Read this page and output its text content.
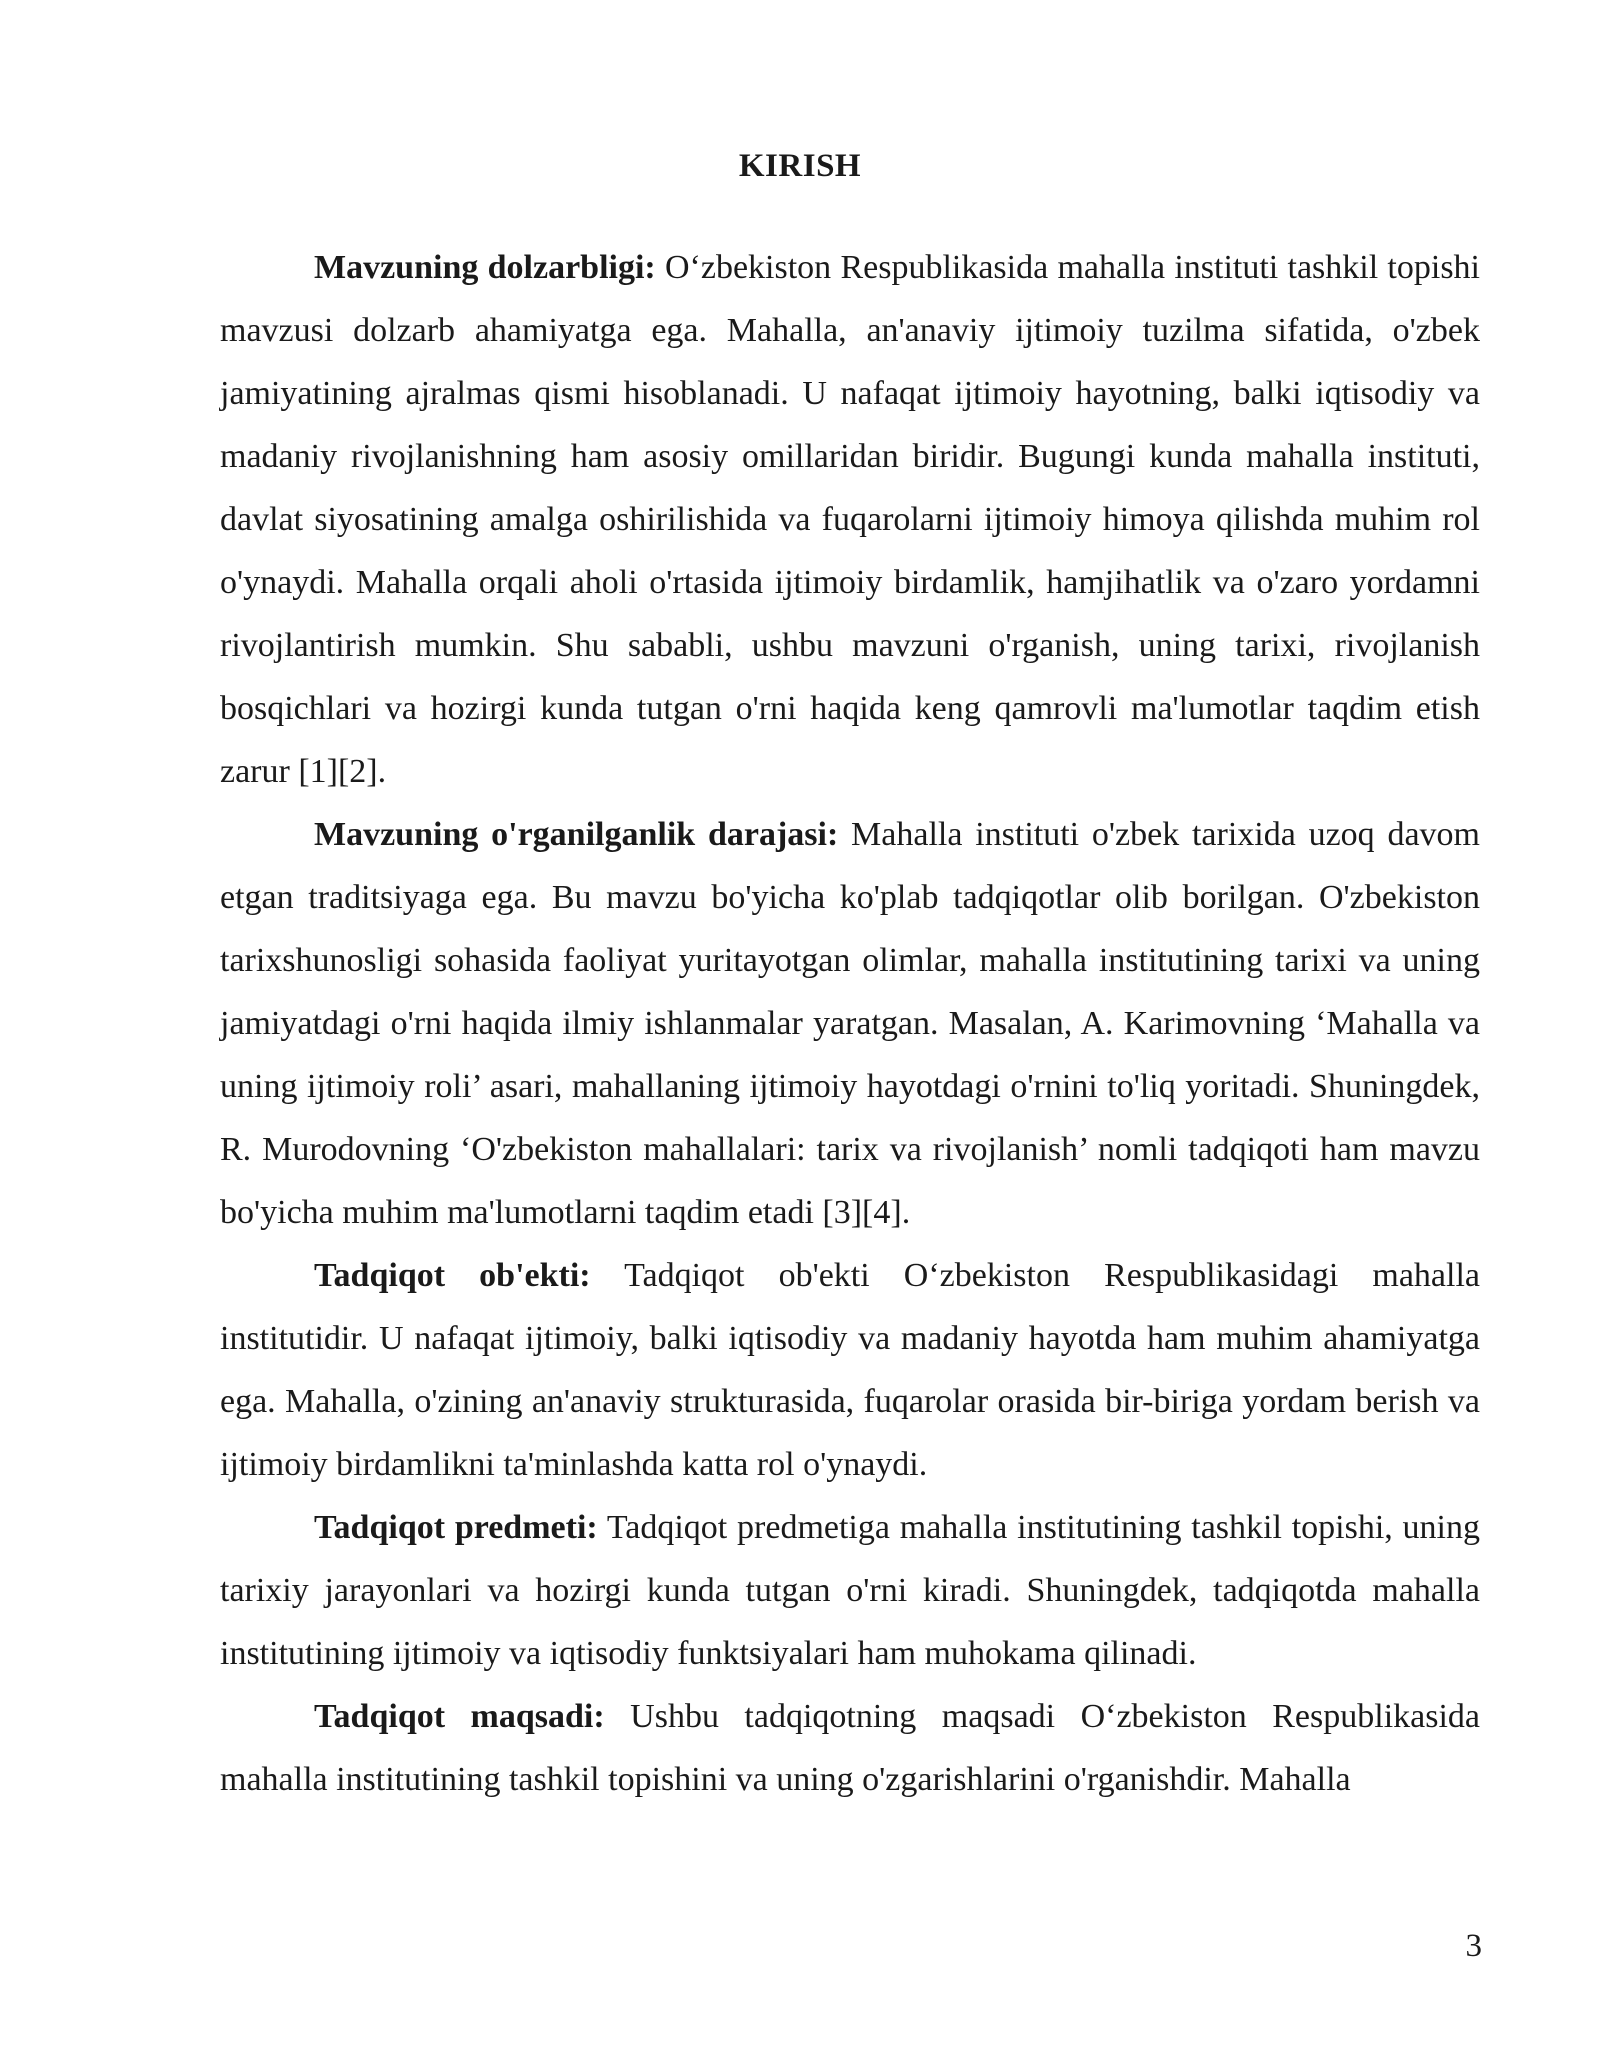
KIRISH

Mavzuning dolzarbligi: O‘zbekiston Respublikasida mahalla instituti tashkil topishi mavzusi dolzarb ahamiyatga ega. Mahalla, an'anaviy ijtimoiy tuzilma sifatida, o'zbek jamiyatining ajralmas qismi hisoblanadi. U nafaqat ijtimoiy hayotning, balki iqtisodiy va madaniy rivojlanishning ham asosiy omillaridan biridir. Bugungi kunda mahalla instituti, davlat siyosatining amalga oshirilishida va fuqarolarni ijtimoiy himoya qilishda muhim rol o'ynaydi. Mahalla orqali aholi o'rtasida ijtimoiy birdamlik, hamjihatlik va o'zaro yordamni rivojlantirish mumkin. Shu sababli, ushbu mavzuni o'rganish, uning tarixi, rivojlanish bosqichlari va hozirgi kunda tutgan o'rni haqida keng qamrovli ma'lumotlar taqdim etish zarur [1][2].

Mavzuning o'rganilganlik darajasi: Mahalla instituti o'zbek tarixida uzoq davom etgan traditsiyaga ega. Bu mavzu bo'yicha ko'plab tadqiqotlar olib borilgan. O'zbekiston tarixshunosligi sohasida faoliyat yuritayotgan olimlar, mahalla institutining tarixi va uning jamiyatdagi o'rni haqida ilmiy ishlanmalar yaratgan. Masalan, A. Karimovning ‘Mahalla va uning ijtimoiy roli’ asari, mahallaning ijtimoiy hayotdagi o'rnini to'liq yoritadi. Shuningdek, R. Murodovning ‘O'zbekiston mahallalari: tarix va rivojlanish’ nomli tadqiqoti ham mavzu bo'yicha muhim ma'lumotlarni taqdim etadi [3][4].

Tadqiqot ob'ekti: Tadqiqot ob'ekti O‘zbekiston Respublikasidagi mahalla institutidir. U nafaqat ijtimoiy, balki iqtisodiy va madaniy hayotda ham muhim ahamiyatga ega. Mahalla, o'zining an'anaviy strukturasida, fuqarolar orasida bir-biriga yordam berish va ijtimoiy birdamlikni ta'minlashda katta rol o'ynaydi.

Tadqiqot predmeti: Tadqiqot predmetiga mahalla institutining tashkil topishi, uning tarixiy jarayonlari va hozirgi kunda tutgan o'rni kiradi. Shuningdek, tadqiqotda mahalla institutining ijtimoiy va iqtisodiy funktsiyalari ham muhokama qilinadi.

Tadqiqot maqsadi: Ushbu tadqiqotning maqsadi O‘zbekiston Respublikasida mahalla institutining tashkil topishini va uning o'zgarishlarini o'rganishdir. Mahalla

3
